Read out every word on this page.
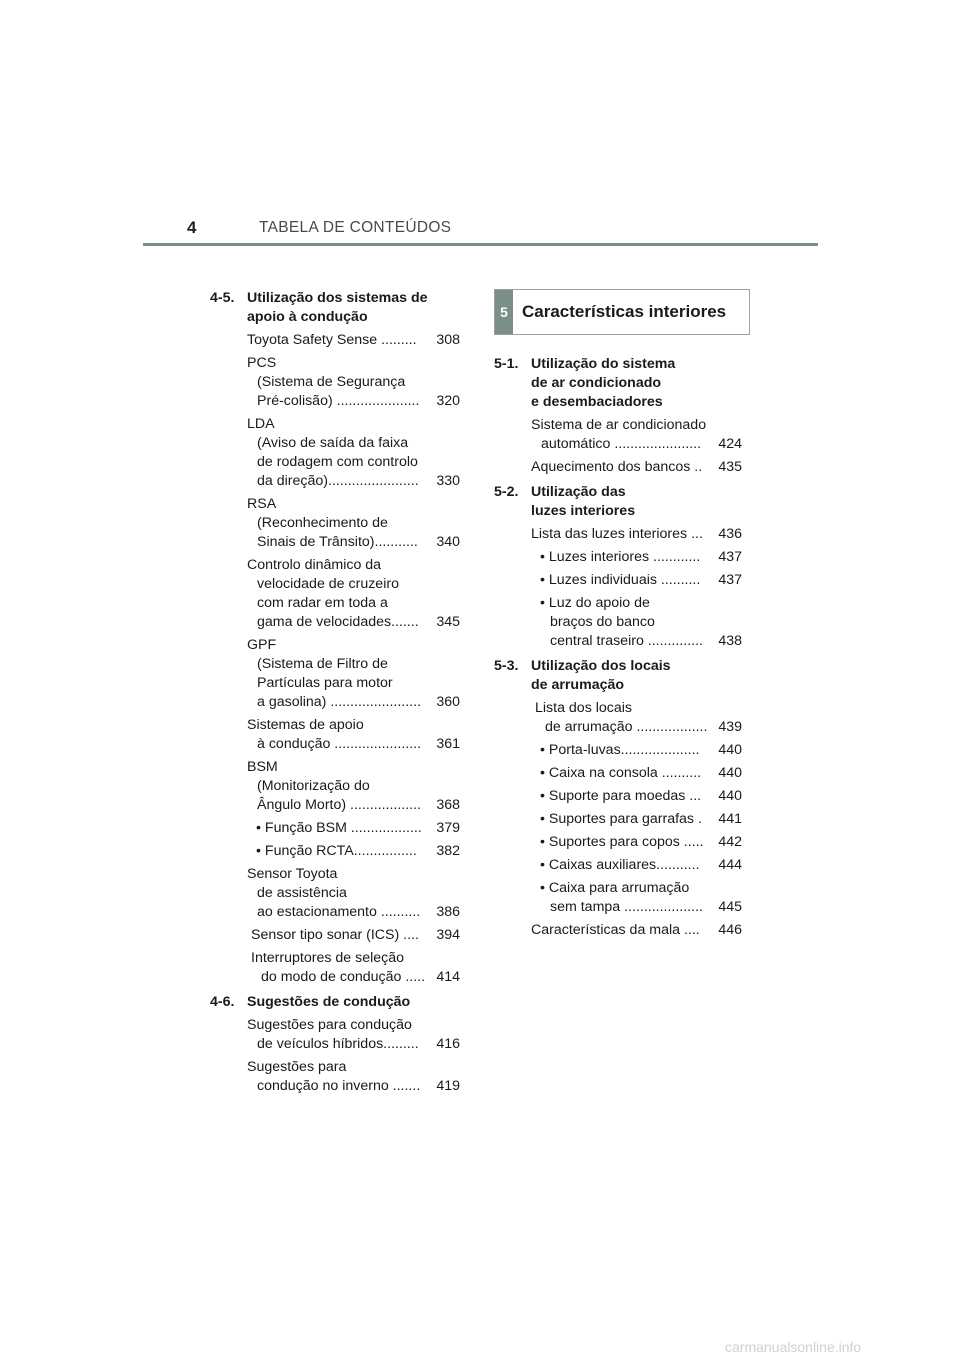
4	TABELA DE CONTEÚDOS
4-5. Utilização dos sistemas de
apoio à condução
Toyota Safety Sense .........	308
PCS
(Sistema de Segurança
Pré-colisão) .....................	320
LDA
(Aviso de saída da faixa
de rodagem com controlo
da direção).......................	330
RSA
(Reconhecimento de
Sinais de Trânsito)...........	340
Controlo dinâmico da
velocidade de cruzeiro
com radar em toda a
gama de velocidades.......	345
GPF
(Sistema de Filtro de
Partículas para motor
a gasolina) .......................	360
Sistemas de apoio
à condução ......................	361
BSM
(Monitorização do
Ângulo Morto) ..................	368
• Função BSM ..................	379
• Função RCTA................	382
Sensor Toyota
de assistência
ao estacionamento ..........	386
Sensor tipo sonar (ICS) ....	394
Interruptores de seleção
do modo de condução ..... 414
4-6. Sugestões de condução
Sugestões para condução
de veículos híbridos.........	416
Sugestões para
condução no inverno .......	419
5 Características interiores
5-1. Utilização do sistema
de ar condicionado
e desembaciadores
Sistema de ar condicionado
automático ......................	424
Aquecimento dos bancos ..	435
5-2. Utilização das
luzes interiores
Lista das luzes interiores ...	436
• Luzes interiores ............	437
• Luzes individuais ..........	437
• Luz do apoio de
braços do banco
central traseiro ..............	438
5-3. Utilização dos locais
de arrumação
Lista dos locais
de arrumação .................. 439
• Porta-luvas....................	440
• Caixa na consola ..........	440
• Suporte para moedas ...	440
• Suportes para garrafas .	441
• Suportes para copos .....	442
• Caixas auxiliares...........	444
• Caixa para arrumação
sem tampa ....................	445
Características da mala ....	446
carmanualsonline.info
